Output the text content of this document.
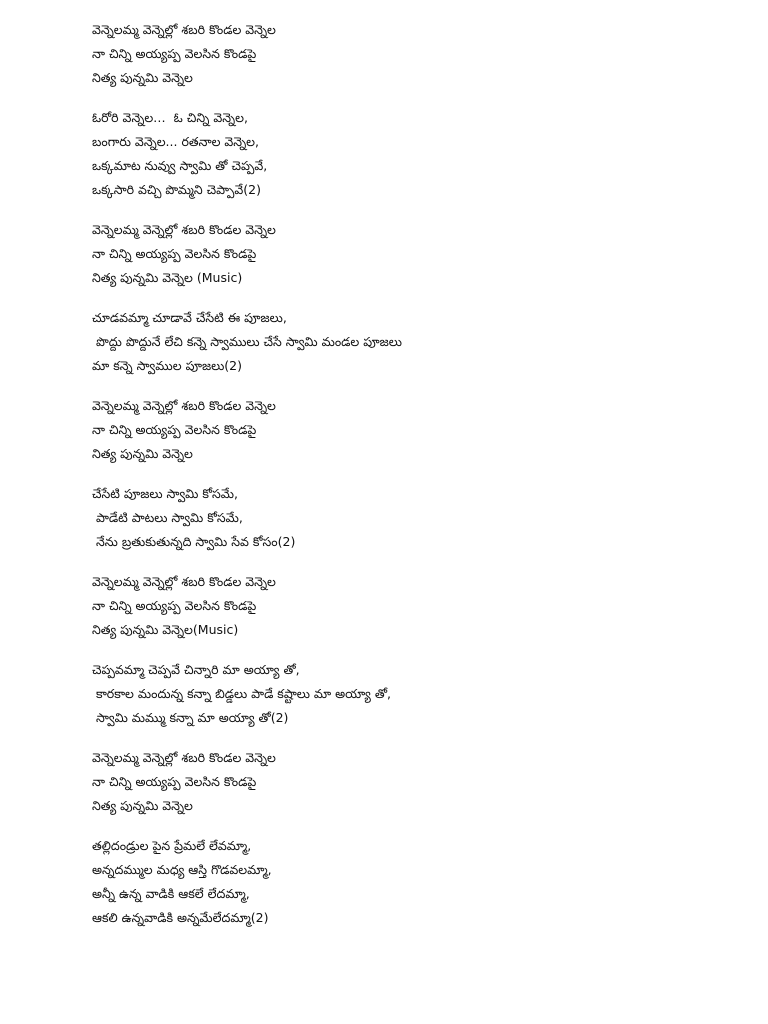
వెన్నెలమ్మ వెన్నెల్లో శబరి కొండల వెన్నెల
నా చిన్ని అయ్యప్ప వెలసిన కొండపై
నిత్య పున్నమి వెన్నెల
ఓరోరి వెన్నెల…  ఓ చిన్ని వెన్నెల,
బంగారు వెన్నెల... రతనాల వెన్నెల,
ఒక్కమాట నువ్వు స్వామి తో చెప్పవే,
ఒక్కసారి వచ్చి పొమ్మని చెప్పావే(2)
వెన్నెలమ్మ వెన్నెల్లో శబరి కొండల వెన్నెల
నా చిన్ని అయ్యప్ప వెలసిన కొండపై
నిత్య పున్నమి వెన్నెల (Music)
చూడవమ్మా చూడావే చేసేటి ఈ పూజలు,
పొద్దు పొద్దునే లేచి కన్నె స్వాములు చేసే స్వామి మండల పూజలు
మా కన్నె స్వాముల పూజలు(2)
వెన్నెలమ్మ వెన్నెల్లో శబరి కొండల వెన్నెల
నా చిన్ని అయ్యప్ప వెలసిన కొండపై
నిత్య పున్నమి వెన్నెల
చేసేటి పూజలు స్వామి కోసమే,
పాడేటి పాటలు స్వామి కోసమే,
నేను బ్రతుకుతున్నది స్వామి సేవ కోసం(2)
వెన్నెలమ్మ వెన్నెల్లో శబరి కొండల వెన్నెల
నా చిన్ని అయ్యప్ప వెలసిన కొండపై
నిత్య పున్నమి వెన్నెల(Music)
చెప్పవమ్మా చెప్పవే చిన్నారి మా అయ్యా తో,
కారకాల మందున్న కన్నా బిడ్డలు పాడే కష్టాలు మా అయ్యా తో,
స్వామి మమ్ము కన్నా మా అయ్యా తో(2)
వెన్నెలమ్మ వెన్నెల్లో శబరి కొండల వెన్నెల
నా చిన్ని అయ్యప్ప వెలసిన కొండపై
నిత్య పున్నమి వెన్నెల
తల్లిదండ్రుల పైన ప్రేమలే లేవమ్మా,
అన్నదమ్ముల మధ్య ఆస్తి గొడవలమ్మా,
అన్నీ ఉన్న వాడికి ఆకలే లేదమ్మా,
ఆకలి ఉన్నవాడికి అన్నమేలేదమ్మా(2)
